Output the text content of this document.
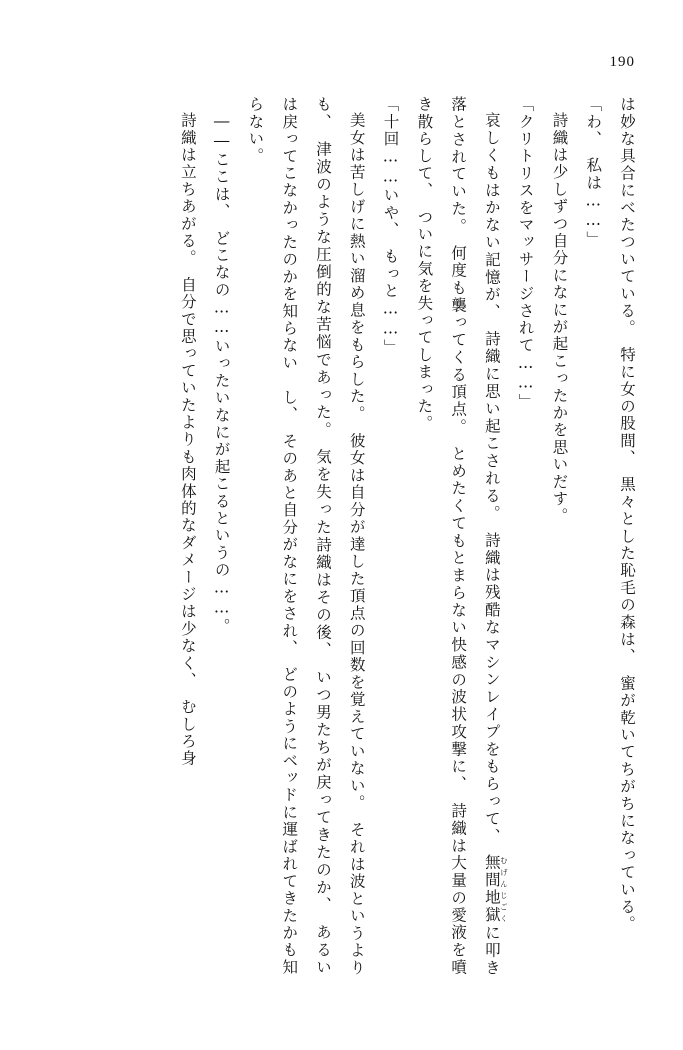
190

は妙な具合にべたついている。　特に女の股間、　黒々とした恥毛の森は、　蜜が乾いてちがちになっている。

「わ、　私は……」

詩織は少しずつ自分になにが起こったかを思いだす。

「クリトリスをマッサージされて……」

哀しくもはかない記憶が、　詩織に思い起こされる。　詩織は残酷なマシンレイプをもらって、　無間地獄むげんじごくに叩き落とされていた。　何度も襲ってくる頂点。　とめたくてもとまらない快感の波状攻撃に、　詩織は大量の愛液を噴き散らして、　ついに気を失ってしまった。

「十回……いや、　もっと……」

美女は苦しげに熱い溜め息をもらした。　彼女は自分が達した頂点の回数を覚えていない。　それは波というよりも、　津波のような圧倒的な苦悩であった。　気を失った詩織はその後、　いつ男たちが戻ってきたのか、　あるいは戻ってこなかったのかを知らない　し、　そのあと自分がなにをされ、　どのようにベッドに運ばれてきたかも知らない。

――ここは、　どこなの……いったいなにが起こるというの……。

詩織は立ちあがる。　自分で思っていたよりも肉体的なダメージは少なく、　むしろ身
